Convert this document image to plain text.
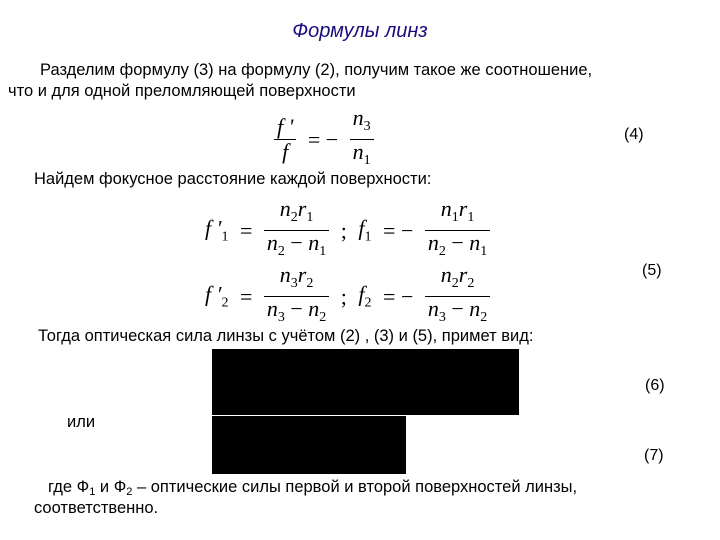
Формулы линз
Разделим формулу (3) на формулу (2), получим такое же соотношение,
что и для одной преломляющей поверхности
$\frac{f '}{f}$ = − $\frac{n_3}{n_1}$	(4)
Найдем фокусное расстояние каждой поверхности:
f $'_1 = \frac{n_2r_1}{n_2 - n_1}$ ; $f_1$ = − $\frac{n_1r_1}{n_2 - n_1}$
f $'_2 = \frac{n_3r_2}{n_3 - n_2}$ ; $f_2$ = − $\frac{n_2r_2}{n_3 - n_2}$	(5)
Тогда оптическая сила линзы с учётом (2) , (3) и (5), примет вид:
(6)
или
(7)
где Ф1 и Ф2 – оптические силы первой и второй поверхностей линзы,
соответственно.
